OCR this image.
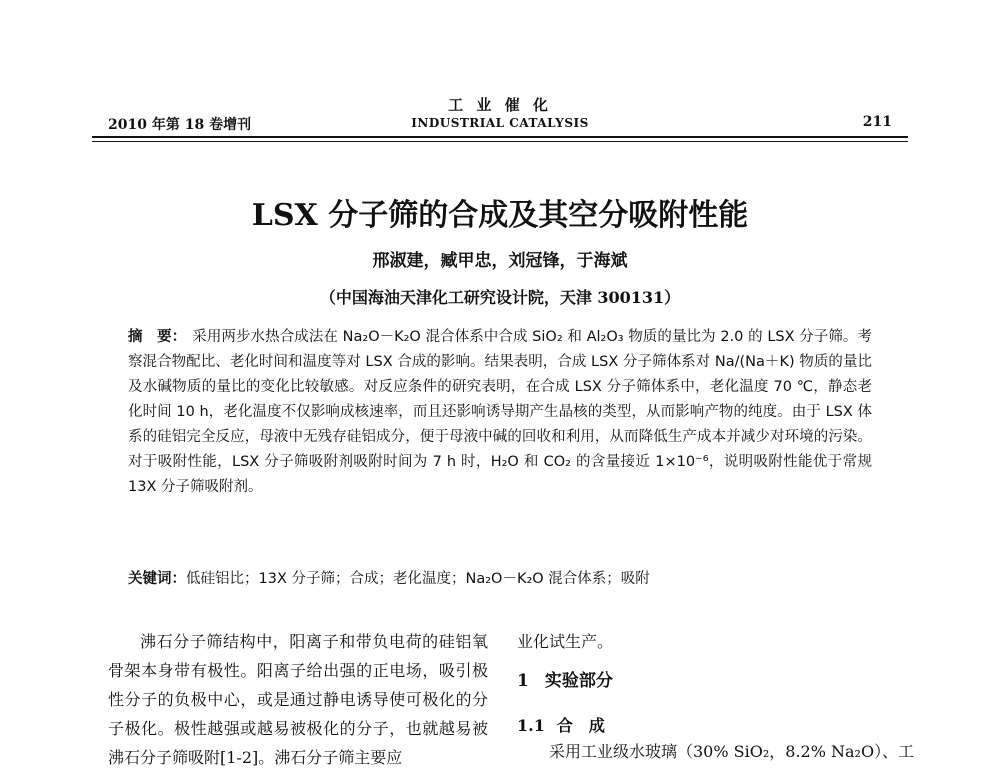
2010 年第 18 卷增刊
工 业 催 化
INDUSTRIAL CATALYSIS	211
LSX 分子筛的合成及其空分吸附性能
邢淑建，臧甲忠，刘冠锋，于海斌
（中国海油天津化工研究设计院，天津 300131）
摘　要： 采用两步水热合成法在 Na₂O－K₂O 混合体系中合成 SiO₂ 和 Al₂O₃ 物质的量比为 2.0 的 LSX 分子筛。考察混合物配比、老化时间和温度等对 LSX 合成的影响。结果表明，合成 LSX 分子筛体系对 Na/(Na＋K) 物质的量比及水碱物质的量比的变化比较敏感。对反应条件的研究表明，在合成 LSX 分子筛体系中，老化温度 70 ℃，静态老化时间 10 h，老化温度不仅影响成核速率，而且还影响诱导期产生晶核的类型，从而影响产物的纯度。由于 LSX 体系的硅铝完全反应，母液中无残存硅铝成分，便于母液中碱的回收和利用，从而降低生产成本并减少对环境的污染。对于吸附性能，LSX 分子筛吸附剂吸附时间为 7 h 时，H₂O 和 CO₂ 的含量接近 1×10⁻⁶，说明吸附性能优于常规 13X 分子筛吸附剂。
关键词：低硅铝比；13X 分子筛；合成；老化温度；Na₂O－K₂O 混合体系；吸附

沸石分子筛结构中，阳离子和带负电荷的硅铝氧骨架本身带有极性。阳离子给出强的正电场，吸引极性分子的负极中心，或是通过静电诱导使可极化的分子极化。极性越强或越易被极化的分子，也就越易被沸石分子筛吸附[1-2]。沸石分子筛主要应

业化试生产。

1 实验部分
1.1 合　成

采用工业级水玻璃（30% SiO₂，8.2% Na₂O）、工
